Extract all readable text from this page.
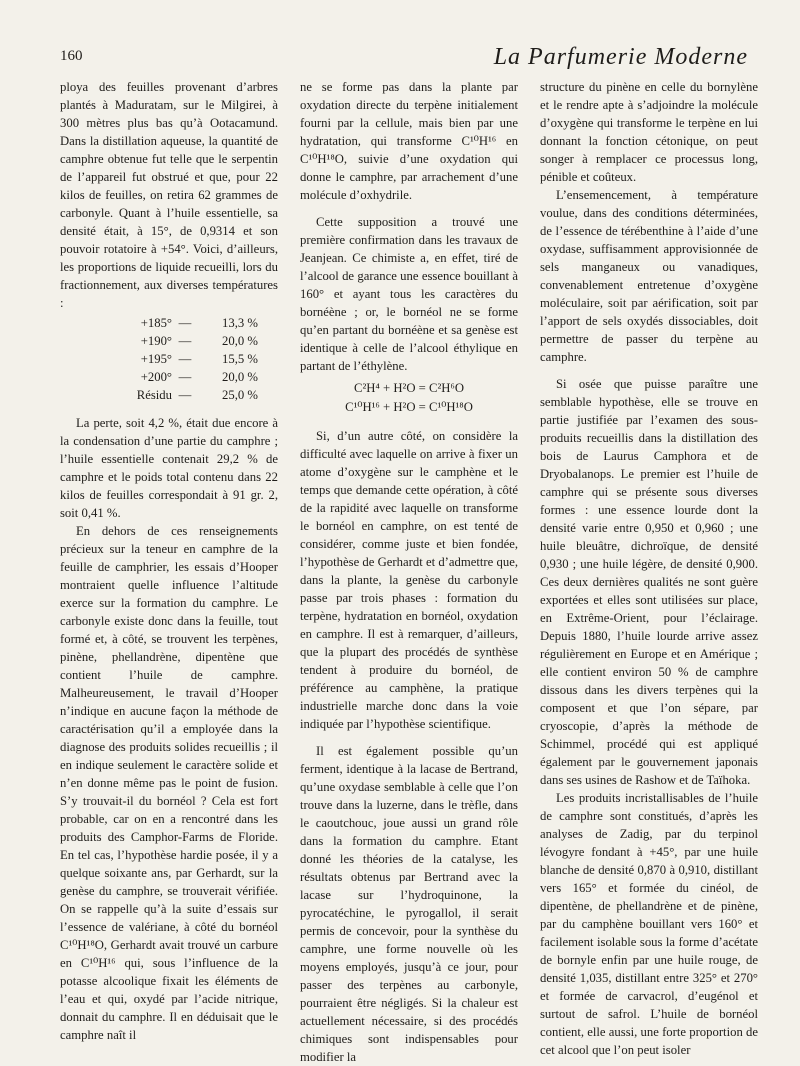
160	La Parfumerie Moderne

ploya des feuilles provenant d’arbres plantés à Maduratam, sur le Milgirei, à 300 mètres plus bas qu’à Ootacamund. Dans la distillation aqueuse, la quantité de camphre obtenue fut telle que le serpentin de l’appareil fut obstrué et que, pour 22 kilos de feuilles, on retira 62 grammes de carbonyle. Quant à l’huile essentielle, sa densité était, à 15°, de 0,9314 et son pouvoir rotatoire à +54°. Voici, d’ailleurs, les proportions de liquide recueilli, lors du fractionnement, aux diverses températures :

+185° —	13,3 %
+190° —	20,0 %
+195° —	15,5 %
+200° —	20,0 %
Résidu —	25,0 %

La perte, soit 4,2 %, était due encore à la condensation d’une partie du camphre ; l’huile essentielle contenait 29,2 % de camphre et le poids total contenu dans 22 kilos de feuilles correspondait à 91 gr. 2, soit 0,41 %.

En dehors de ces renseignements précieux sur la teneur en camphre de la feuille de camphrier, les essais d’Hooper montraient quelle influence l’altitude exerce sur la formation du camphre. Le carbonyle existe donc dans la feuille, tout formé et, à côté, se trouvent les terpènes, pinène, phellandrène, dipentène que contient l’huile de camphre. Malheureusement, le travail d’Hooper n’indique en aucune façon la méthode de caractérisation qu’il a employée dans la diagnose des produits solides recueillis ; il en indique seulement le caractère solide et n’en donne même pas le point de fusion. S’y trouvait-il du bornéol ? Cela est fort probable, car on en a rencontré dans les produits des Camphor-Farms de Floride. En tel cas, l’hypothèse hardie posée, il y a quelque soixante ans, par Gerhardt, sur la genèse du camphre, se trouverait vérifiée. On se rappelle qu’à la suite d’essais sur l’essence de valériane, à côté du bornéol C¹⁰H¹⁸O, Gerhardt avait trouvé un carbure en C¹⁰H¹⁶ qui, sous l’influence de la potasse alcoolique fixait les éléments de l’eau et qui, oxydé par l’acide nitrique, donnait du camphre. Il en déduisait que le camphre naît il

ne se forme pas dans la plante par oxydation directe du terpène initialement fourni par la cellule, mais bien par une hydratation, qui transforme C¹⁰H¹⁶ en C¹⁰H¹⁸O, suivie d’une oxydation qui donne le camphre, par arrachement d’une molécule d’oxhydrile.

Cette supposition a trouvé une première confirmation dans les travaux de Jeanjean. Ce chimiste a, en effet, tiré de l’alcool de garance une essence bouillant à 160° et ayant tous les caractères du bornéène ; or, le bornéol ne se forme qu’en partant du bornéène et sa genèse est identique à celle de l’alcool éthylique en partant de l’éthylène.

C²H⁴ + H²O = C²H⁶O
C¹⁰H¹⁶ + H²O = C¹⁰H¹⁸O

Si, d’un autre côté, on considère la difficulté avec laquelle on arrive à fixer un atome d’oxygène sur le camphène et le temps que demande cette opération, à côté de la rapidité avec laquelle on transforme le bornéol en camphre, on est tenté de considérer, comme juste et bien fondée, l’hypothèse de Gerhardt et d’admettre que, dans la plante, la genèse du carbonyle passe par trois phases : formation du terpène, hydratation en bornéol, oxydation en camphre. Il est à remarquer, d’ailleurs, que la plupart des procédés de synthèse tendent à produire du bornéol, de préférence au camphène, la pratique industrielle marche donc dans la voie indiquée par l’hypothèse scientifique.

Il est également possible qu’un ferment, identique à la lacase de Bertrand, qu’une oxydase semblable à celle que l’on trouve dans la luzerne, dans le trèfle, dans le caoutchouc, joue aussi un grand rôle dans la formation du camphre. Etant donné les théories de la catalyse, les résultats obtenus par Bertrand avec la lacase sur l’hydroquinone, la pyrocatéchine, le pyrogallol, il serait permis de concevoir, pour la synthèse du camphre, une forme nouvelle où les moyens employés, jusqu’à ce jour, pour passer des terpènes au carbonyle, pourraient être négligés. Si la chaleur est actuellement nécessaire, si des procédés chimiques sont indispensables pour modifier la

structure du pinène en celle du bornylène et le rendre apte à s’adjoindre la molécule d’oxygène qui transforme le terpène en lui donnant la fonction cétonique, on peut songer à remplacer ce processus long, pénible et coûteux.

L’ensemencement, à température voulue, dans des conditions déterminées, de l’essence de térébenthine à l’aide d’une oxydase, suffisamment approvisionnée de sels manganeux ou vanadiques, convenablement entretenue d’oxygène moléculaire, soit par aérification, soit par l’apport de sels oxydés dissociables, doit permettre de passer du terpène au camphre.

Si osée que puisse paraître une semblable hypothèse, elle se trouve en partie justifiée par l’examen des sous-produits recueillis dans la distillation des bois de Laurus Camphora et de Dryobalanops. Le premier est l’huile de camphre qui se présente sous diverses formes : une essence lourde dont la densité varie entre 0,950 et 0,960 ; une huile bleuâtre, dichroïque, de densité 0,930 ; une huile légère, de densité 0,900. Ces deux dernières qualités ne sont guère exportées et elles sont utilisées sur place, en Extrême-Orient, pour l’éclairage. Depuis 1880, l’huile lourde arrive assez régulièrement en Europe et en Amérique ; elle contient environ 50 % de camphre dissous dans les divers terpènes qui la composent et que l’on sépare, par cryoscopie, d’après la méthode de Schimmel, procédé qui est appliqué également par le gouvernement japonais dans ses usines de Rashow et de Taïhoka.

Les produits incristallisables de l’huile de camphre sont constitués, d’après les analyses de Zadig, par du terpinol lévogyre fondant à +45°, par une huile blanche de densité 0,870 à 0,910, distillant vers 165° et formée du cinéol, de dipentène, de phellandrène et de pinène, par du camphène bouillant vers 160° et facilement isolable sous la forme d’acétate de bornyle enfin par une huile rouge, de densité 1,035, distillant entre 325° et 270° et formée de carvacrol, d’eugénol et surtout de safrol. L’huile de bornéol contient, elle aussi, une forte proportion de cet alcool que l’on peut isoler
